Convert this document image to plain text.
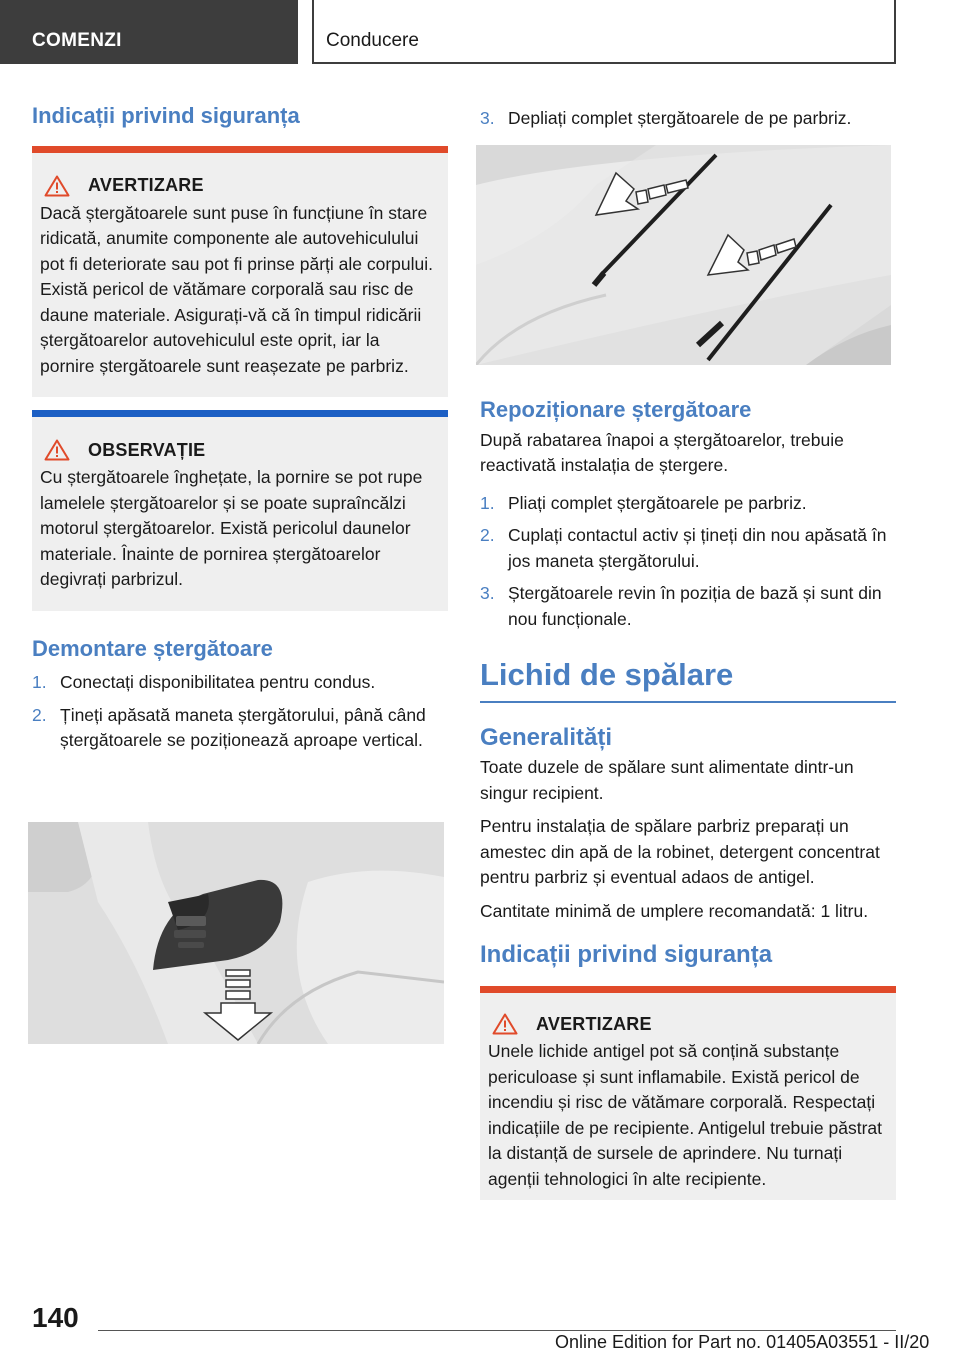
COMENZI	Conducere
Indicații privind siguranța
AVERTIZARE

Dacă ștergătoarele sunt puse în funcțiune în stare ridicată, anumite componente ale autovehiculului pot fi deteriorate sau pot fi prinse părți ale corpului. Există pericol de vătămare corporală sau risc de daune materiale. Asigurați-vă că în timpul ridicării ștergătoarelor autovehiculul este oprit, iar la pornire ștergătoarele sunt reașezate pe parbriz.

OBSERVAȚIE

Cu ștergătoarele înghețate, la pornire se pot rupe lamelele ștergătoarelor și se poate supraîncălzi motorul ștergătoarelor. Există pericolul daunelor materiale. Înainte de pornirea ștergătoarelor degivrați parbrizul.

Demontare ștergătoare
1. Conectați disponibilitatea pentru condus.
2. Țineți apăsată maneta ștergătorului, până când ștergătoarele se poziționează aproape vertical.
3. Depliați complet ștergătoarele de pe parbriz.
Repoziționare ștergătoare

După rabatarea înapoi a ștergătoarelor, trebuie reactivată instalația de ștergere.

1. Pliați complet ștergătoarele pe parbriz.
2. Cuplați contactul activ și țineți din nou apăsată în jos maneta ștergătorului.
3. Ștergătoarele revin în poziția de bază și sunt din nou funcționale.
Lichid de spălare
Generalități

Toate duzele de spălare sunt alimentate dintr-un singur recipient.

Pentru instalația de spălare parbriz preparați un amestec din apă de la robinet, detergent concentrat pentru parbriz și eventual adaos de antigel.

Cantitate minimă de umplere recomandată: 1 litru.

Indicații privind siguranța
AVERTIZARE

Unele lichide antigel pot să conțină substanțe periculoase și sunt inflamabile. Există pericol de incendiu și risc de vătămare corporală. Respectați indicațiile de pe recipiente. Antigelul trebuie păstrat la distanță de sursele de aprindere. Nu turnați agenții tehnologici în alte recipiente.

140
Online Edition for Part no. 01405A03551 - II/20
